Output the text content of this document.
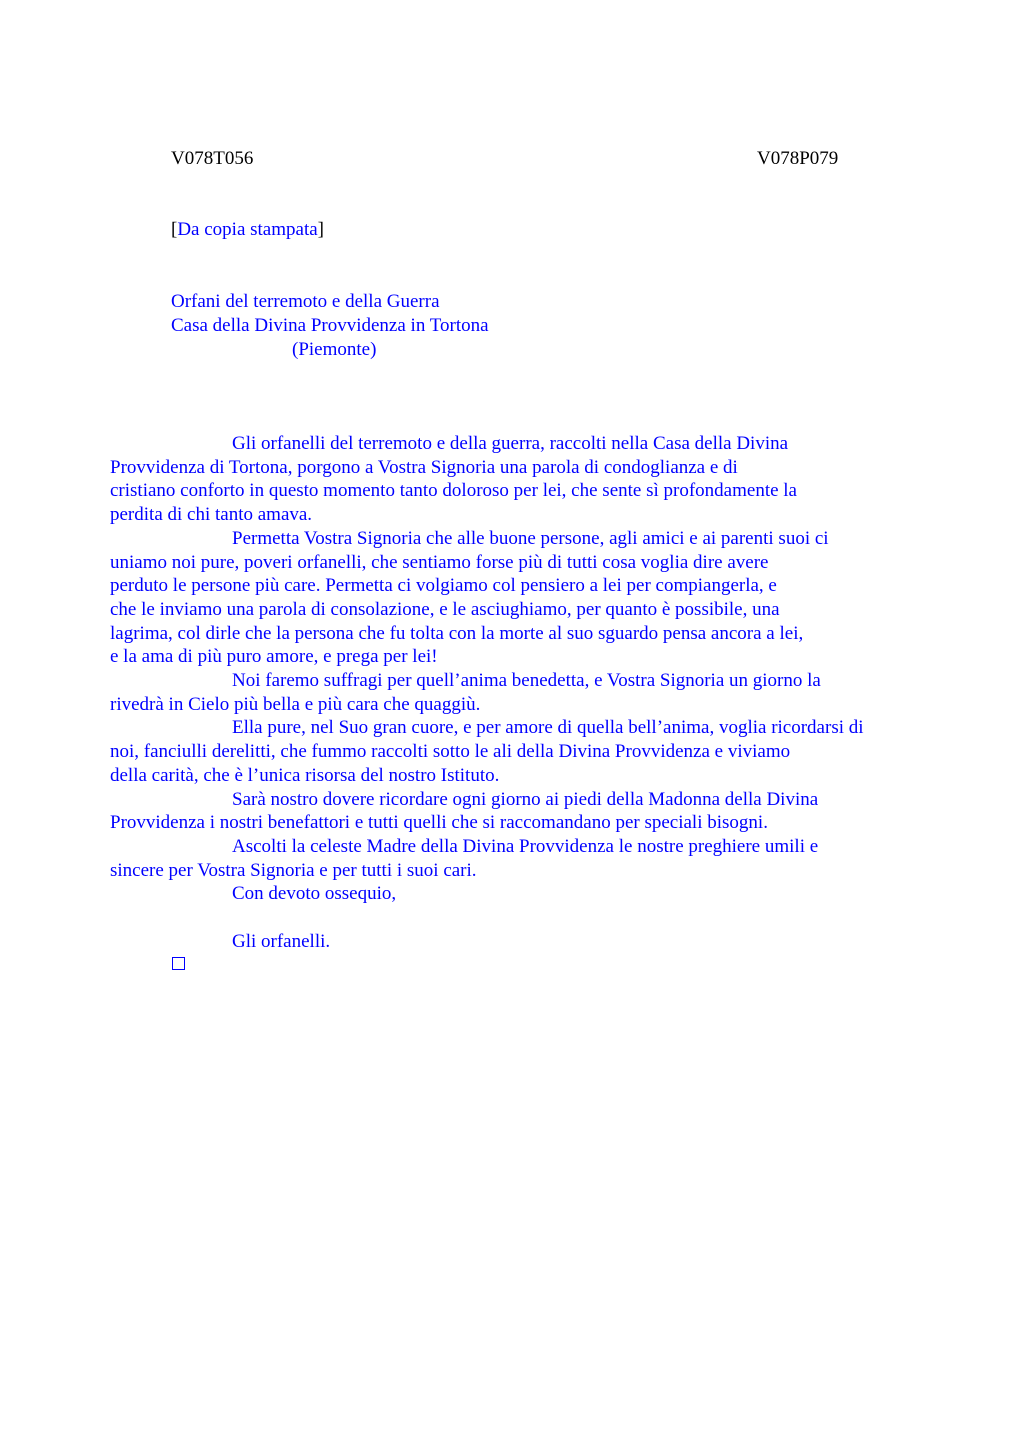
V078T056	V078P079
[Da copia stampata]
Orfani del terremoto e della Guerra
Casa della Divina Provvidenza in Tortona
(Piemonte)

Gli orfanelli del terremoto e della guerra, raccolti nella Casa della Divina
Provvidenza di Tortona, porgono a Vostra Signoria una parola di condoglianza e di
cristiano conforto in questo momento tanto doloroso per lei, che sente sì profondamente la
perdita di chi tanto amava.

Permetta Vostra Signoria che alle buone persone, agli amici e ai parenti suoi ci
uniamo noi pure, poveri orfanelli, che sentiamo forse più di tutti cosa voglia dire avere
perduto le persone più care. Permetta ci volgiamo col pensiero a lei per compiangerla, e
che le inviamo una parola di consolazione, e le asciughiamo, per quanto è possibile, una
lagrima, col dirle che la persona che fu tolta con la morte al suo sguardo pensa ancora a lei,
e la ama di più puro amore, e prega per lei!

Noi faremo suffragi per quell’anima benedetta, e Vostra Signoria un giorno la
rivedrà in Cielo più bella e più cara che quaggiù.

Ella pure, nel Suo gran cuore, e per amore di quella bell’anima, voglia ricordarsi di
noi, fanciulli derelitti, che fummo raccolti sotto le ali della Divina Provvidenza e viviamo
della carità, che è l’unica risorsa del nostro Istituto.

Sarà nostro dovere ricordare ogni giorno ai piedi della Madonna della Divina
Provvidenza i nostri benefattori e tutti quelli che si raccomandano per speciali bisogni.

Ascolti la celeste Madre della Divina Provvidenza le nostre preghiere umili e
sincere per Vostra Signoria e per tutti i suoi cari.

Con devoto ossequio,

Gli orfanelli.
